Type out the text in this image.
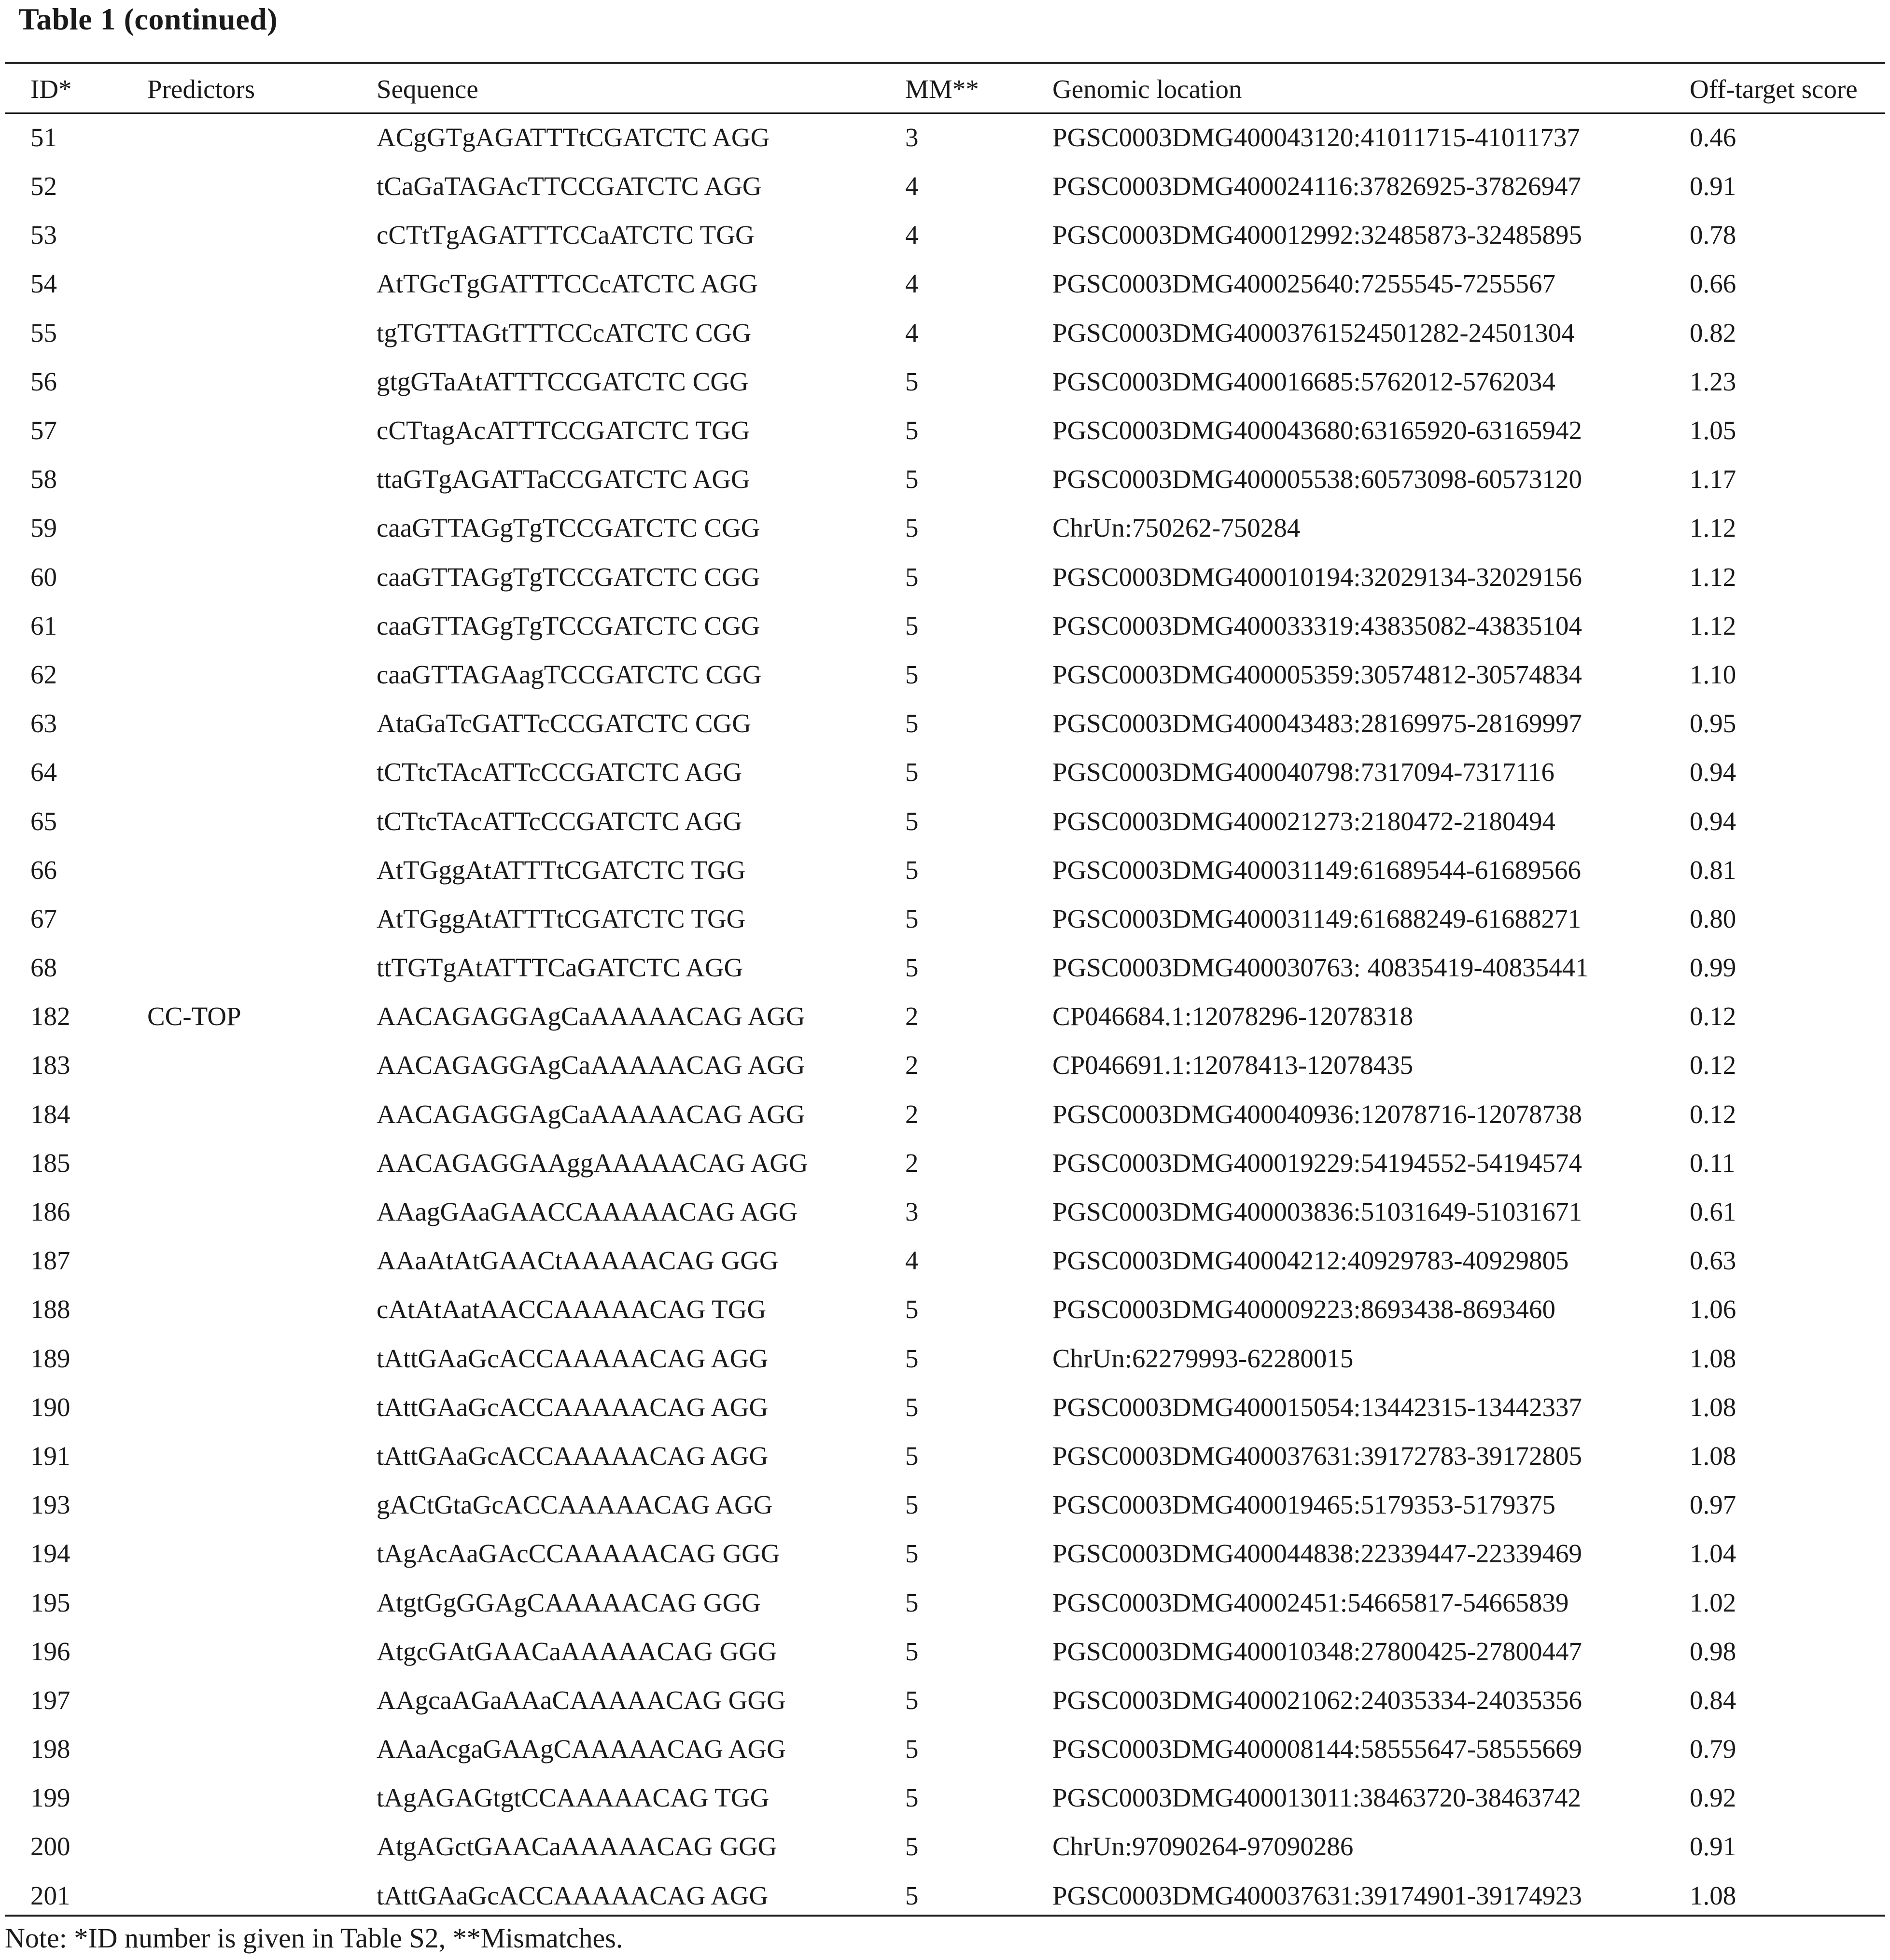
Table 1 (continued)
ID*	Predictors	Sequence	MM**	Genomic location	Off-target score
51		ACgGTgAGATTTtCGATCTC AGG	3	PGSC0003DMG400043120:41011715-41011737	0.46
52		tCaGaTAGAcTTCCGATCTC AGG	4	PGSC0003DMG400024116:37826925-37826947	0.91
53		cCTtTgAGATTTCCaATCTC TGG	4	PGSC0003DMG400012992:32485873-32485895	0.78
54		AtTGcTgGATTTCCcATCTC AGG	4	PGSC0003DMG400025640:7255545-7255567	0.66
55		tgTGTTAGtTTTCCcATCTC CGG	4	PGSC0003DMG40003761524501282-24501304	0.82
56		gtgGTaAtATTTCCGATCTC CGG	5	PGSC0003DMG400016685:5762012-5762034	1.23
57		cCTtagAcATTTCCGATCTC TGG	5	PGSC0003DMG400043680:63165920-63165942	1.05
58		ttaGTgAGATTaCCGATCTC AGG	5	PGSC0003DMG400005538:60573098-60573120	1.17
59		caaGTTAGgTgTCCGATCTC CGG	5	ChrUn:750262-750284	1.12
60		caaGTTAGgTgTCCGATCTC CGG	5	PGSC0003DMG400010194:32029134-32029156	1.12
61		caaGTTAGgTgTCCGATCTC CGG	5	PGSC0003DMG400033319:43835082-43835104	1.12
62		caaGTTAGAagTCCGATCTC CGG	5	PGSC0003DMG400005359:30574812-30574834	1.10
63		AtaGaTcGATTcCCGATCTC CGG	5	PGSC0003DMG400043483:28169975-28169997	0.95
64		tCTtcTAcATTcCCGATCTC AGG	5	PGSC0003DMG400040798:7317094-7317116	0.94
65		tCTtcTAcATTcCCGATCTC AGG	5	PGSC0003DMG400021273:2180472-2180494	0.94
66		AtTGggAtATTTtCGATCTC TGG	5	PGSC0003DMG400031149:61689544-61689566	0.81
67		AtTGggAtATTTtCGATCTC TGG	5	PGSC0003DMG400031149:61688249-61688271	0.80
68		ttTGTgAtATTTCaGATCTC AGG	5	PGSC0003DMG400030763: 40835419-40835441	0.99
182	CC-TOP	AACAGAGGAgCaAAAAACAG AGG	2	CP046684.1:12078296-12078318	0.12
183		AACAGAGGAgCaAAAAACAG AGG	2	CP046691.1:12078413-12078435	0.12
184		AACAGAGGAgCaAAAAACAG AGG	2	PGSC0003DMG400040936:12078716-12078738	0.12
185		AACAGAGGAAggAAAAACAG AGG	2	PGSC0003DMG400019229:54194552-54194574	0.11
186		AAagGAaGAACCAAAAACAG AGG	3	PGSC0003DMG400003836:51031649-51031671	0.61
187		AAaAtAtGAACtAAAAACAG GGG	4	PGSC0003DMG40004212:40929783-40929805	0.63
188		cAtAtAatAACCAAAAACAG TGG	5	PGSC0003DMG400009223:8693438-8693460	1.06
189		tAttGAaGcACCAAAAACAG AGG	5	ChrUn:62279993-62280015	1.08
190		tAttGAaGcACCAAAAACAG AGG	5	PGSC0003DMG400015054:13442315-13442337	1.08
191		tAttGAaGcACCAAAAACAG AGG	5	PGSC0003DMG400037631:39172783-39172805	1.08
193		gACtGtaGcACCAAAAACAG AGG	5	PGSC0003DMG400019465:5179353-5179375	0.97
194		tAgAcAaGAcCCAAAAACAG GGG	5	PGSC0003DMG400044838:22339447-22339469	1.04
195		AtgtGgGGAgCAAAAACAG GGG	5	PGSC0003DMG40002451:54665817-54665839	1.02
196		AtgcGAtGAACaAAAAACAG GGG	5	PGSC0003DMG400010348:27800425-27800447	0.98
197		AAgcaAGaAAaCAAAAACAG GGG	5	PGSC0003DMG400021062:24035334-24035356	0.84
198		AAaAcgaGAAgCAAAAACAG AGG	5	PGSC0003DMG400008144:58555647-58555669	0.79
199		tAgAGAGtgtCCAAAAACAG TGG	5	PGSC0003DMG400013011:38463720-38463742	0.92
200		AtgAGctGAACaAAAAACAG GGG	5	ChrUn:97090264-97090286	0.91
201		tAttGAaGcACCAAAAACAG AGG	5	PGSC0003DMG400037631:39174901-39174923	1.08
Note: *ID number is given in Table S2, **Mismatches.
